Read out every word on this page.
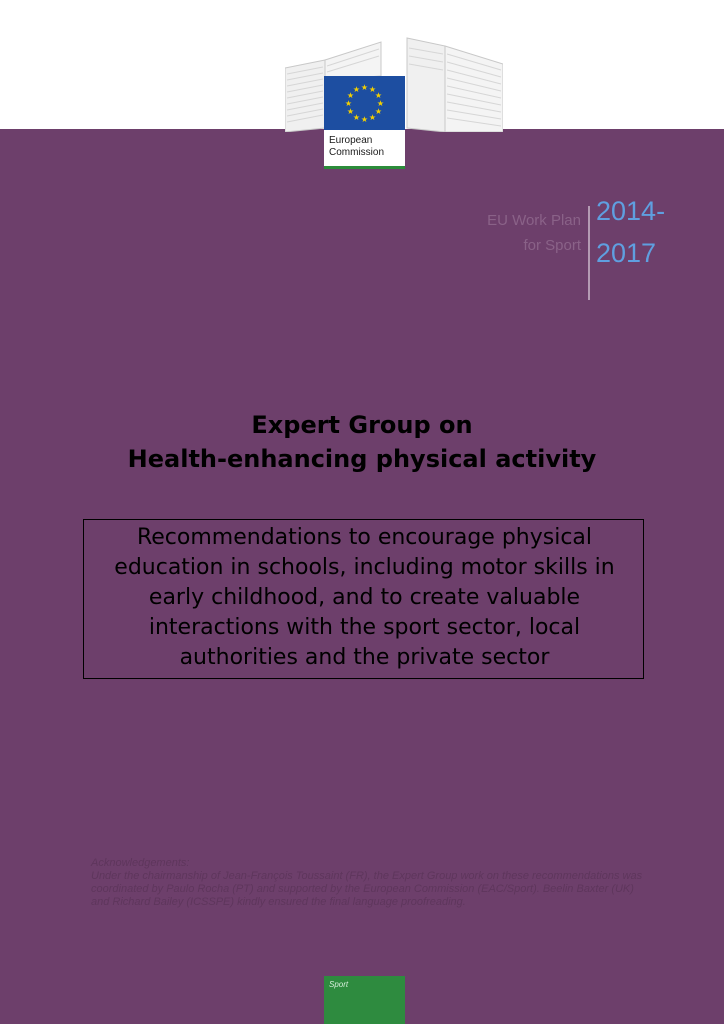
★ ★
★
★
★
★
★
★
★
★
★
★
European
Commission
EU Work Plan
for Sport
2014-
2017
Expert Group on
Health-enhancing physical activity
Recommendations to encourage physical
education in schools, including motor skills in
early childhood, and to create valuable
interactions with the sport sector, local
authorities and the private sector

Acknowledgements:

Under the chairmanship of Jean-François Toussaint (FR), the Expert Group work on these recommendations was coordinated by Paulo Rocha (PT) and supported by the European Commission (EAC/Sport). Beelin Baxter (UK) and Richard Bailey (ICSSPE) kindly ensured the final language proofreading.

Sport
